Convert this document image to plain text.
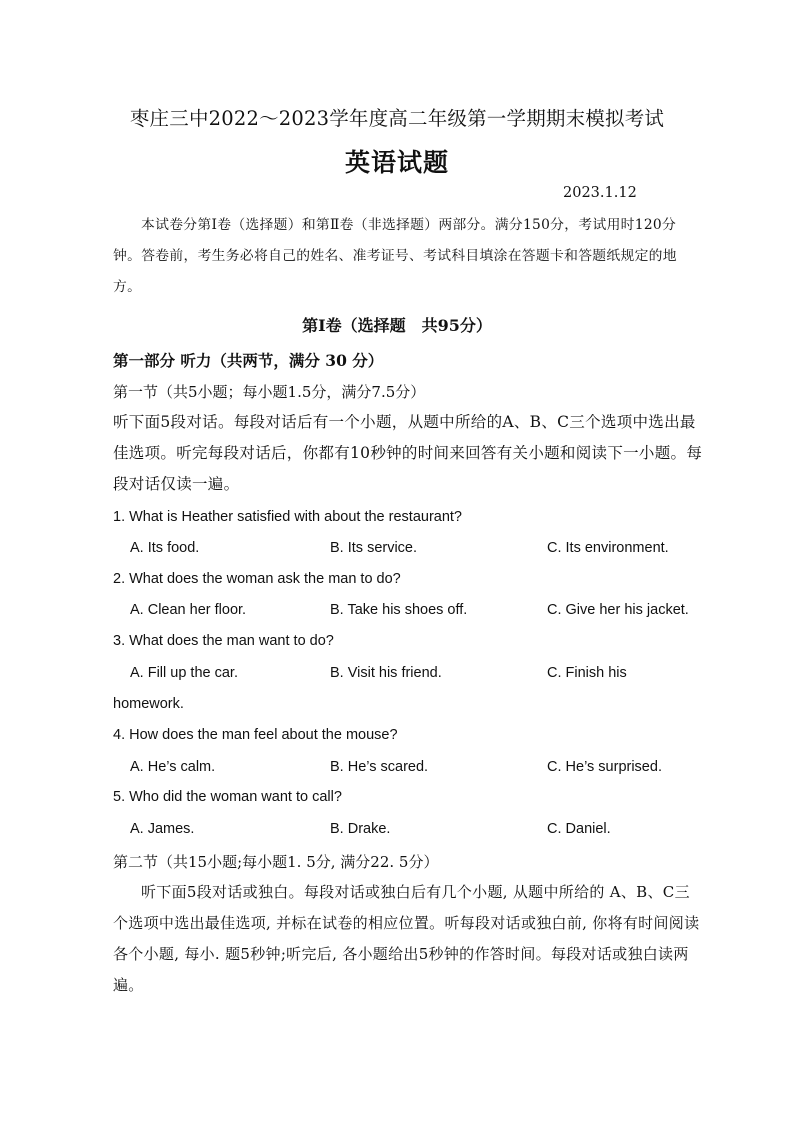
枣庄三中2022～2023学年度高二年级第一学期期末模拟考试
英语试题
2023.1.12
本试卷分第Ⅰ卷（选择题）和第Ⅱ卷（非选择题）两部分。满分150分，考试用时120分钟。答卷前，考生务必将自己的姓名、准考证号、考试科目填涂在答题卡和答题纸规定的地方。
第Ⅰ卷（选择题　共95分）
第一部分 听力（共两节，满分 30 分）
第一节（共5小题；每小题1.5分，满分7.5分）
听下面5段对话。每段对话后有一个小题，从题中所给的A、B、C三个选项中选出最佳选项。听完每段对话后，你都有10秒钟的时间来回答有关小题和阅读下一小题。每段对话仅读一遍。
1. What is Heather satisfied with about the restaurant?
A. Its food.	B. Its service.	C. Its environment.
2. What does the woman ask the man to do?
A. Clean her floor.	B. Take his shoes off.	C. Give her his jacket.
3. What does the man want to do?
A. Fill up the car.	B. Visit his friend.	C. Finish his
homework.
4. How does the man feel about the mouse?
A. He’s calm.	B. He’s scared.	C. He’s surprised.
5. Who did the woman want to call?
A. James.	B. Drake.	C. Daniel.
第二节（共15小题;每小题1. 5分, 满分22. 5分）
听下面5段对话或独白。每段对话或独白后有几个小题, 从题中所给的 A、B、C三个选项中选出最佳选项, 并标在试卷的相应位置。听每段对话或独白前, 你将有时间阅读各个小题, 每小. 题5秒钟;听完后, 各小题给出5秒钟的作答时间。每段对话或独白读两遍。
